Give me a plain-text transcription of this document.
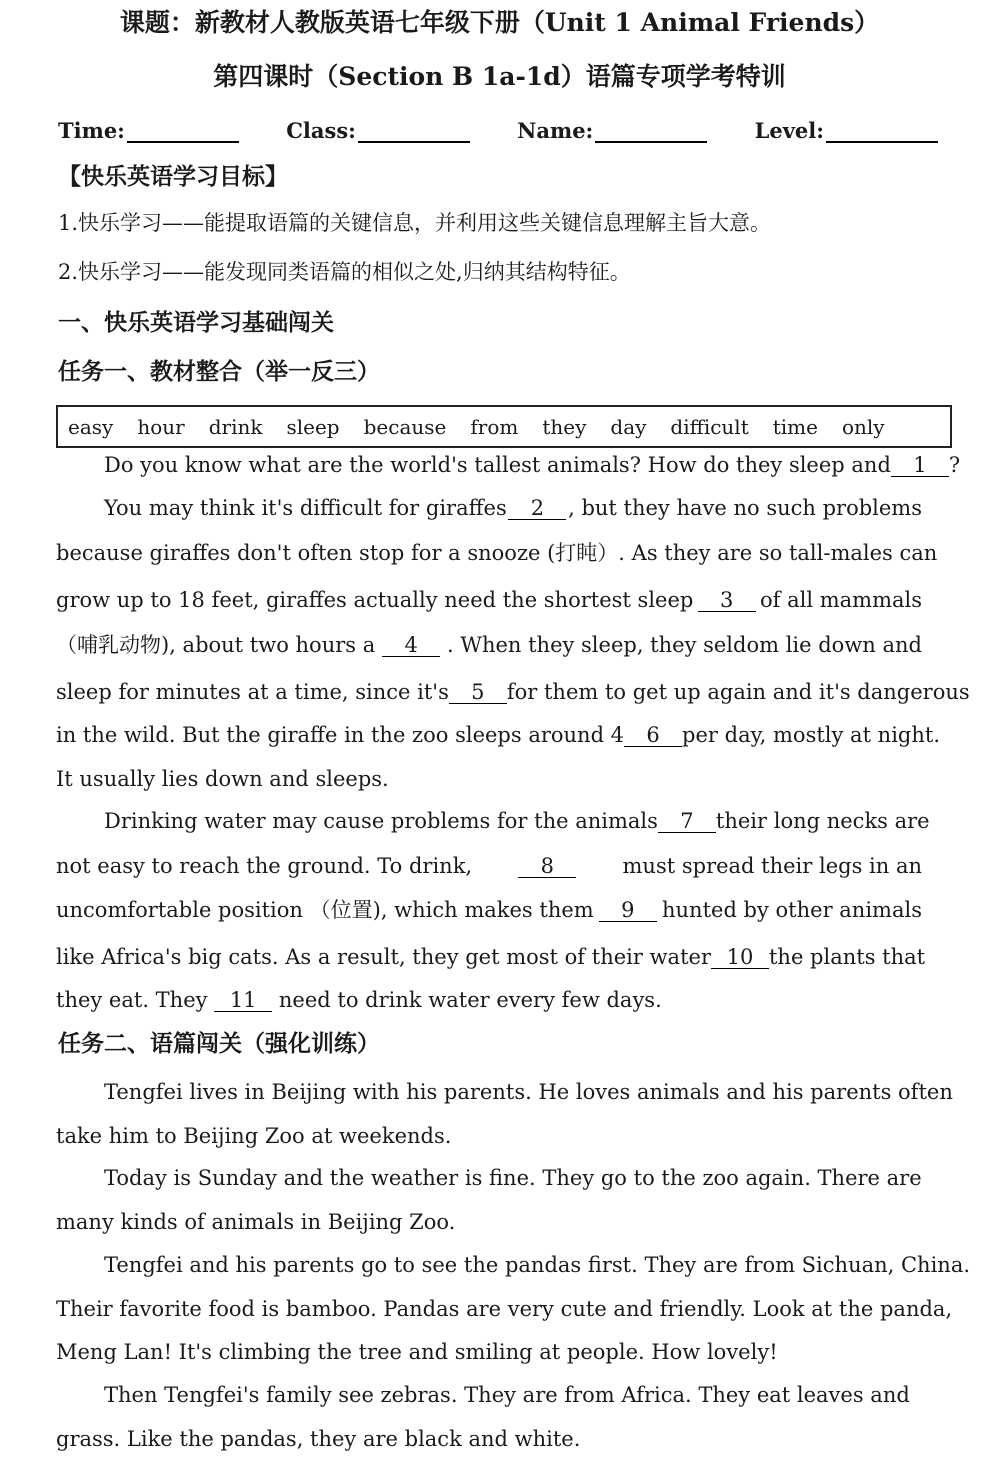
课题：新教材人教版英语七年级下册（Unit 1 Animal Friends）
第四课时（Section B 1a-1d）语篇专项学考特训
Time:	Class:	Name:	Level:
【快乐英语学习目标】
1.快乐学习——能提取语篇的关键信息，并利用这些关键信息理解主旨大意。
2.快乐学习——能发现同类语篇的相似之处,归纳其结构特征。
一、快乐英语学习基础闯关
任务一、教材整合（举一反三）
easy hour drink sleep because from they day difficult time only
Do you know what are the world's tallest animals? How do they sleep and	1 ?
You may think it's difficult for giraffes	2	, but they have no such problems
because giraffes don't often stop for a snooze (打盹）. As they are so tall-males can
grow up to 18 feet, giraffes actually need the shortest sleep	3	of all mammals
（哺乳动物), about two hours a	4	. When they sleep, they seldom lie down and
sleep for minutes at a time, since it's	5	for them to get up again and it's dangerous
in the wild. But the giraffe in the zoo sleeps around 4	6	per day, mostly at night.
It usually lies down and sleeps.
Drinking water may cause problems for the animals	7	their long necks are
not easy to reach the ground. To drink,	8	must spread their legs in an
uncomfortable position （位置), which makes them	9	hunted by other animals
like Africa's big cats. As a result, they get most of their water 10 the plants that
they eat. They 11 need to drink water every few days.
任务二、语篇闯关（强化训练）
Tengfei lives in Beijing with his parents. He loves animals and his parents often
take him to Beijing Zoo at weekends.
Today is Sunday and the weather is fine. They go to the zoo again. There are
many kinds of animals in Beijing Zoo.
Tengfei and his parents go to see the pandas first. They are from Sichuan, China.
Their favorite food is bamboo. Pandas are very cute and friendly. Look at the panda,
Meng Lan! It's climbing the tree and smiling at people. How lovely!
Then Tengfei's family see zebras. They are from Africa. They eat leaves and
grass. Like the pandas, they are black and white.
